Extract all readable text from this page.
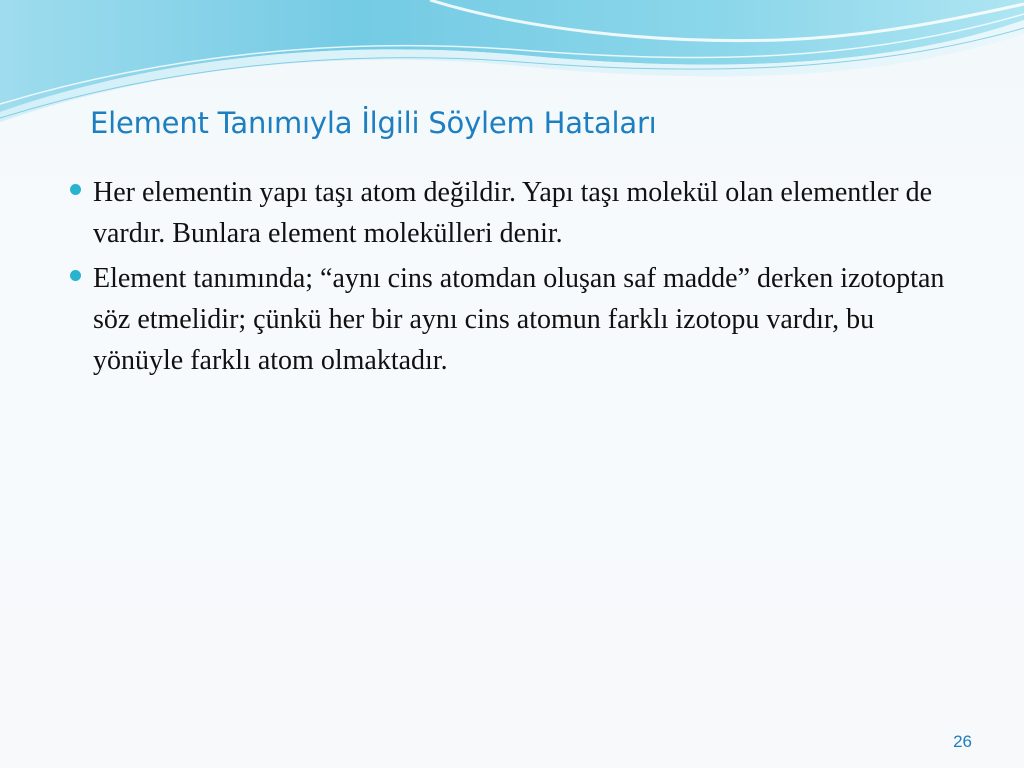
Element Tanımıyla İlgili Söylem Hataları
Her elementin yapı taşı atom değildir. Yapı taşı molekül olan elementler de vardır. Bunlara element molekülleri denir.
Element tanımında; “aynı cins atomdan oluşan saf madde” derken izotoptan söz etmelidir; çünkü her bir aynı cins atomun farklı izotopu vardır, bu yönüyle farklı atom olmaktadır.
26
